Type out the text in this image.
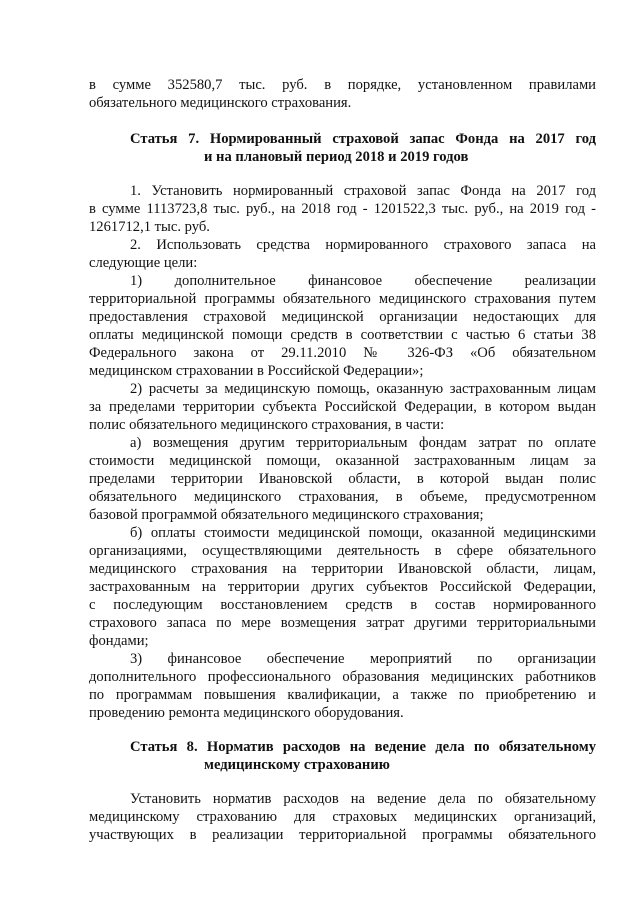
в сумме 352580,7 тыс. руб. в порядке, установленном правилами
обязательного медицинского страхования.
Статья 7. Нормированный страховой запас Фонда на 2017 год
и на плановый период 2018 и 2019 годов
1. Установить нормированный страховой запас Фонда на 2017 год
в сумме 1113723,8 тыс. руб., на 2018 год - 1201522,3 тыс. руб., на 2019 год -
1261712,1 тыс. руб.
2. Использовать средства нормированного страхового запаса на
следующие цели:
1) дополнительное финансовое обеспечение реализации
территориальной программы обязательного медицинского страхования путем
предоставления страховой медицинской организации недостающих для
оплаты медицинской помощи средств в соответствии с частью 6 статьи 38
Федерального закона от 29.11.2010 № 326-ФЗ «Об обязательном
медицинском страховании в Российской Федерации»;
2) расчеты за медицинскую помощь, оказанную застрахованным лицам
за пределами территории субъекта Российской Федерации, в котором выдан
полис обязательного медицинского страхования, в части:
а) возмещения другим территориальным фондам затрат по оплате
стоимости медицинской помощи, оказанной застрахованным лицам за
пределами территории Ивановской области, в которой выдан полис
обязательного медицинского страхования, в объеме, предусмотренном
базовой программой обязательного медицинского страхования;
б) оплаты стоимости медицинской помощи, оказанной медицинскими
организациями, осуществляющими деятельность в сфере обязательного
медицинского страхования на территории Ивановской области, лицам,
застрахованным на территории других субъектов Российской Федерации,
с последующим восстановлением средств в состав нормированного
страхового запаса по мере возмещения затрат другими территориальными
фондами;
3) финансовое обеспечение мероприятий по организации
дополнительного профессионального образования медицинских работников
по программам повышения квалификации, а также по приобретению и
проведению ремонта медицинского оборудования.
Статья 8. Норматив расходов на ведение дела по обязательному
медицинскому страхованию
Установить норматив расходов на ведение дела по обязательному
медицинскому страхованию для страховых медицинских организаций,
участвующих в реализации территориальной программы обязательного
